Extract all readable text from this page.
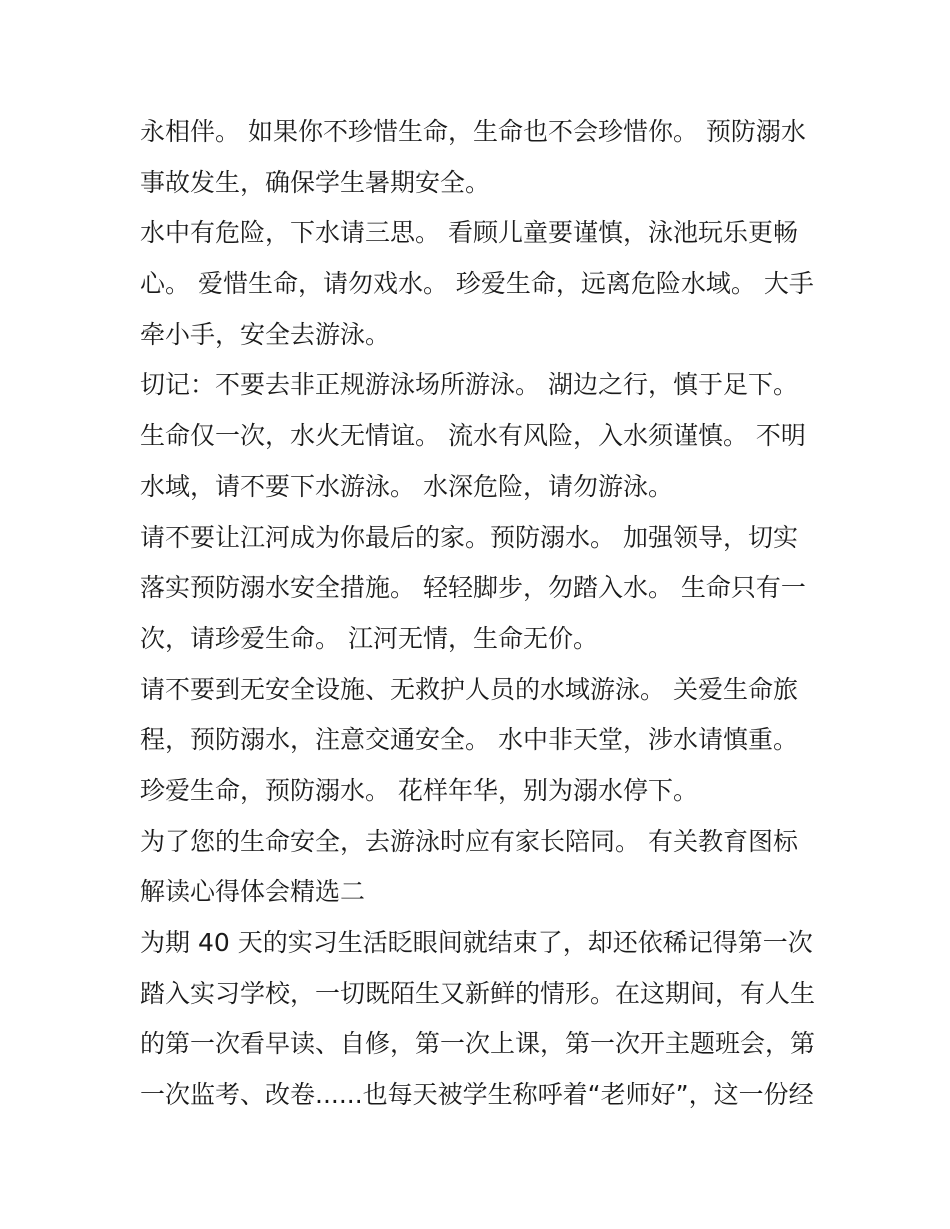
永相伴。 如果你不珍惜生命，生命也不会珍惜你。 预防溺水
事故发生，确保学生暑期安全。
水中有危险，下水请三思。 看顾儿童要谨慎，泳池玩乐更畅
心。 爱惜生命，请勿戏水。 珍爱生命，远离危险水域。 大手
牵小手，安全去游泳。
切记：不要去非正规游泳场所游泳。 湖边之行，慎于足下。
生命仅一次，水火无情谊。 流水有风险，入水须谨慎。 不明
水域，请不要下水游泳。 水深危险，请勿游泳。
请不要让江河成为你最后的家。预防溺水。 加强领导，切实
落实预防溺水安全措施。 轻轻脚步，勿踏入水。 生命只有一
次，请珍爱生命。 江河无情，生命无价。
请不要到无安全设施、无救护人员的水域游泳。 关爱生命旅
程，预防溺水，注意交通安全。 水中非天堂，涉水请慎重。
珍爱生命，预防溺水。 花样年华，别为溺水停下。
为了您的生命安全，去游泳时应有家长陪同。 有关教育图标
解读心得体会精选二
为期 40 天的实习生活眨眼间就结束了，却还依稀记得第一次
踏入实习学校，一切既陌生又新鲜的情形。在这期间，有人生
的第一次看早读、自修，第一次上课，第一次开主题班会，第
一次监考、改卷......也每天被学生称呼着“老师好”，这一份经
